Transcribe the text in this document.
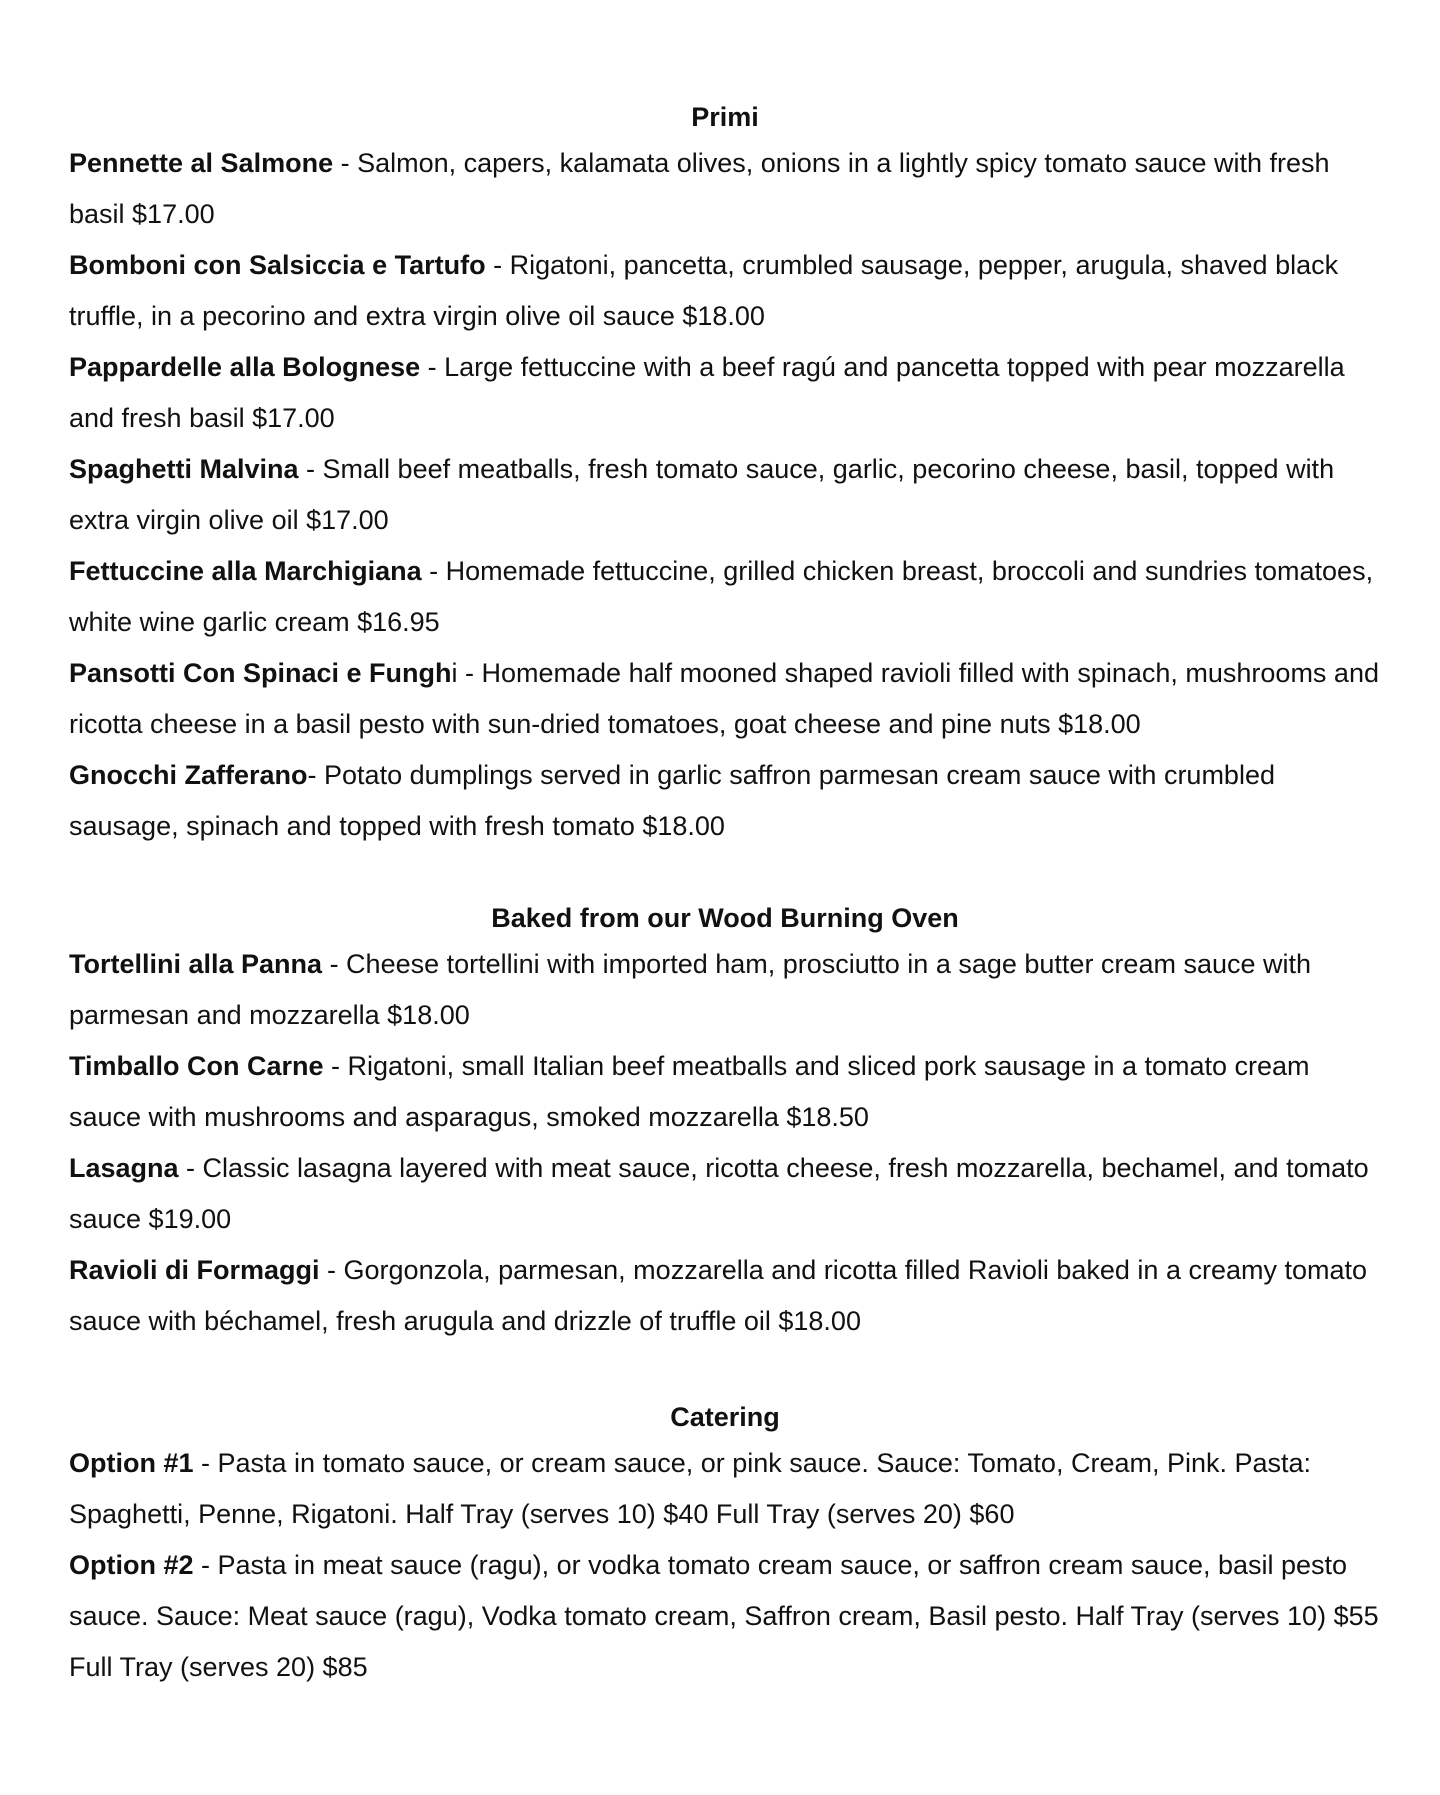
Primi

Pennette al Salmone - Salmon, capers, kalamata olives, onions in a lightly spicy tomato sauce with fresh basil $17.00

Bomboni con Salsiccia e Tartufo - Rigatoni, pancetta, crumbled sausage, pepper, arugula, shaved black truffle, in a pecorino and extra virgin olive oil sauce $18.00

Pappardelle alla Bolognese - Large fettuccine with a beef ragú and pancetta topped with pear mozzarella and fresh basil $17.00

Spaghetti Malvina - Small beef meatballs, fresh tomato sauce, garlic, pecorino cheese, basil, topped with extra virgin olive oil $17.00

Fettuccine alla Marchigiana - Homemade fettuccine, grilled chicken breast, broccoli and sundries tomatoes, white wine garlic cream $16.95

Pansotti Con Spinaci e Funghi - Homemade half mooned shaped ravioli filled with spinach, mushrooms and ricotta cheese in a basil pesto with sun-dried tomatoes, goat cheese and pine nuts $18.00

Gnocchi Zafferano- Potato dumplings served in garlic saffron parmesan cream sauce with crumbled sausage, spinach and topped with fresh tomato $18.00

Baked from our Wood Burning Oven

Tortellini alla Panna - Cheese tortellini with imported ham, prosciutto in a sage butter cream sauce with parmesan and mozzarella $18.00

Timballo Con Carne - Rigatoni, small Italian beef meatballs and sliced pork sausage in a tomato cream sauce with mushrooms and asparagus, smoked mozzarella $18.50

Lasagna - Classic lasagna layered with meat sauce, ricotta cheese, fresh mozzarella, bechamel, and tomato sauce $19.00

Ravioli di Formaggi - Gorgonzola, parmesan, mozzarella and ricotta filled Ravioli baked in a creamy tomato sauce with béchamel, fresh arugula and drizzle of truffle oil $18.00

Catering

Option #1 - Pasta in tomato sauce, or cream sauce, or pink sauce. Sauce: Tomato, Cream, Pink. Pasta: Spaghetti, Penne, Rigatoni. Half Tray (serves 10) $40 Full Tray (serves 20) $60

Option #2 - Pasta in meat sauce (ragu), or vodka tomato cream sauce, or saffron cream sauce, basil pesto sauce. Sauce: Meat sauce (ragu), Vodka tomato cream, Saffron cream, Basil pesto. Half Tray (serves 10) $55 Full Tray (serves 20) $85
